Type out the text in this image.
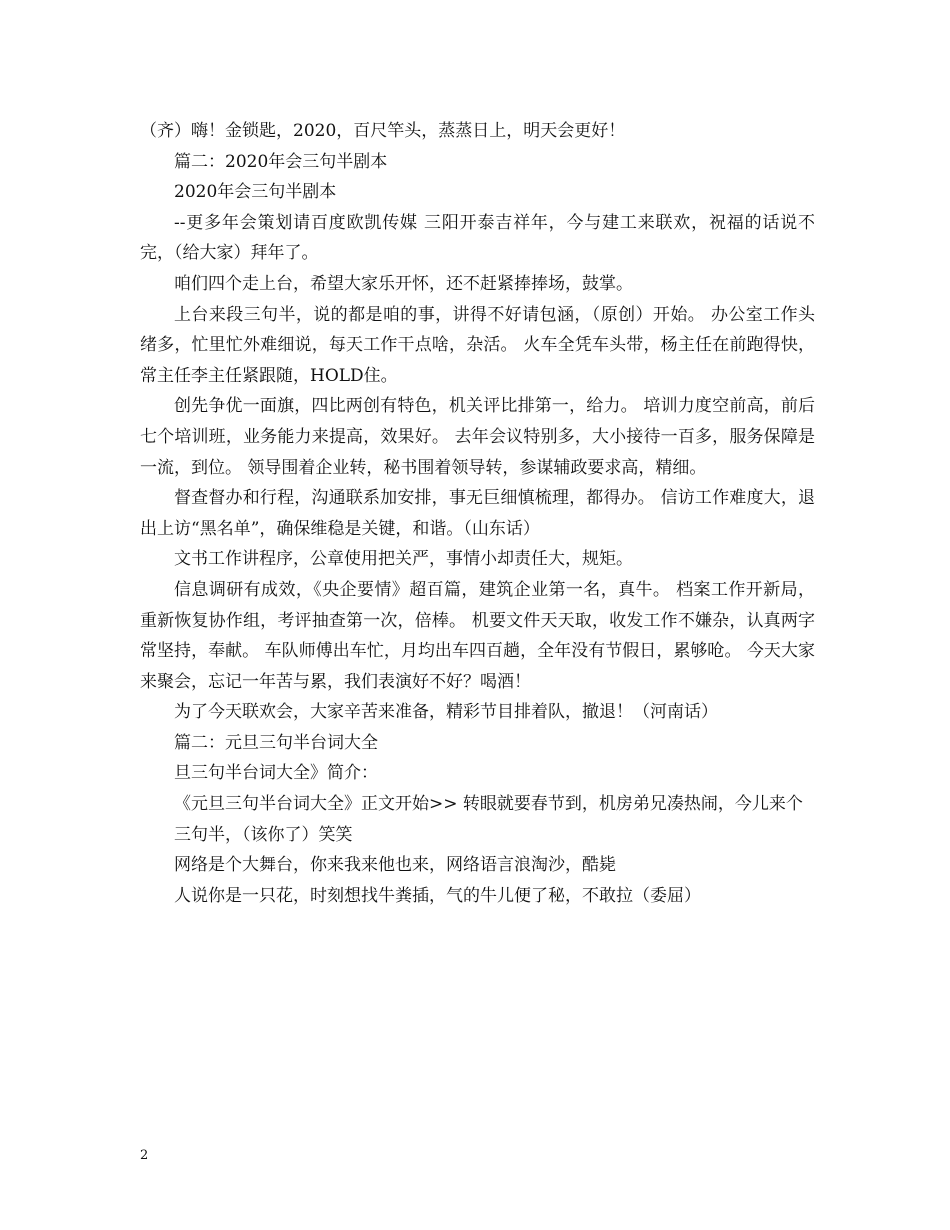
（齐）嗨！金锁匙，2020，百尺竿头，蒸蒸日上，明天会更好！

篇二：2020年会三句半剧本

2020年会三句半剧本

--更多年会策划请百度欧凯传媒 三阳开泰吉祥年，今与建工来联欢，祝福的话说不完，（给大家）拜年了。

咱们四个走上台，希望大家乐开怀，还不赶紧捧捧场，鼓掌。

上台来段三句半，说的都是咱的事，讲得不好请包涵，（原创）开始。 办公室工作头绪多，忙里忙外难细说，每天工作干点啥，杂活。 火车全凭车头带，杨主任在前跑得快，常主任李主任紧跟随，HOLD住。

创先争优一面旗，四比两创有特色，机关评比排第一，给力。 培训力度空前高，前后七个培训班，业务能力来提高，效果好。 去年会议特别多，大小接待一百多，服务保障是一流，到位。 领导围着企业转，秘书围着领导转，参谋辅政要求高，精细。

督查督办和行程，沟通联系加安排，事无巨细慎梳理，都得办。 信访工作难度大，退出上访“黑名单”，确保维稳是关键，和谐。（山东话）

文书工作讲程序，公章使用把关严，事情小却责任大，规矩。

信息调研有成效，《央企要情》超百篇，建筑企业第一名，真牛。 档案工作开新局，重新恢复协作组，考评抽查第一次，倍棒。 机要文件天天取，收发工作不嫌杂，认真两字常坚持，奉献。 车队师傅出车忙，月均出车四百趟，全年没有节假日，累够呛。 今天大家来聚会，忘记一年苦与累，我们表演好不好？喝酒！

为了今天联欢会，大家辛苦来准备，精彩节目排着队，撤退！（河南话）

篇二：元旦三句半台词大全

旦三句半台词大全》简介：

《元旦三句半台词大全》正文开始>> 转眼就要春节到，机房弟兄凑热闹，今儿来个

三句半，（该你了）笑笑

网络是个大舞台，你来我来他也来，网络语言浪淘沙，酷毙

人说你是一只花，时刻想找牛粪插，气的牛儿便了秘，不敢拉（委屈）

2
